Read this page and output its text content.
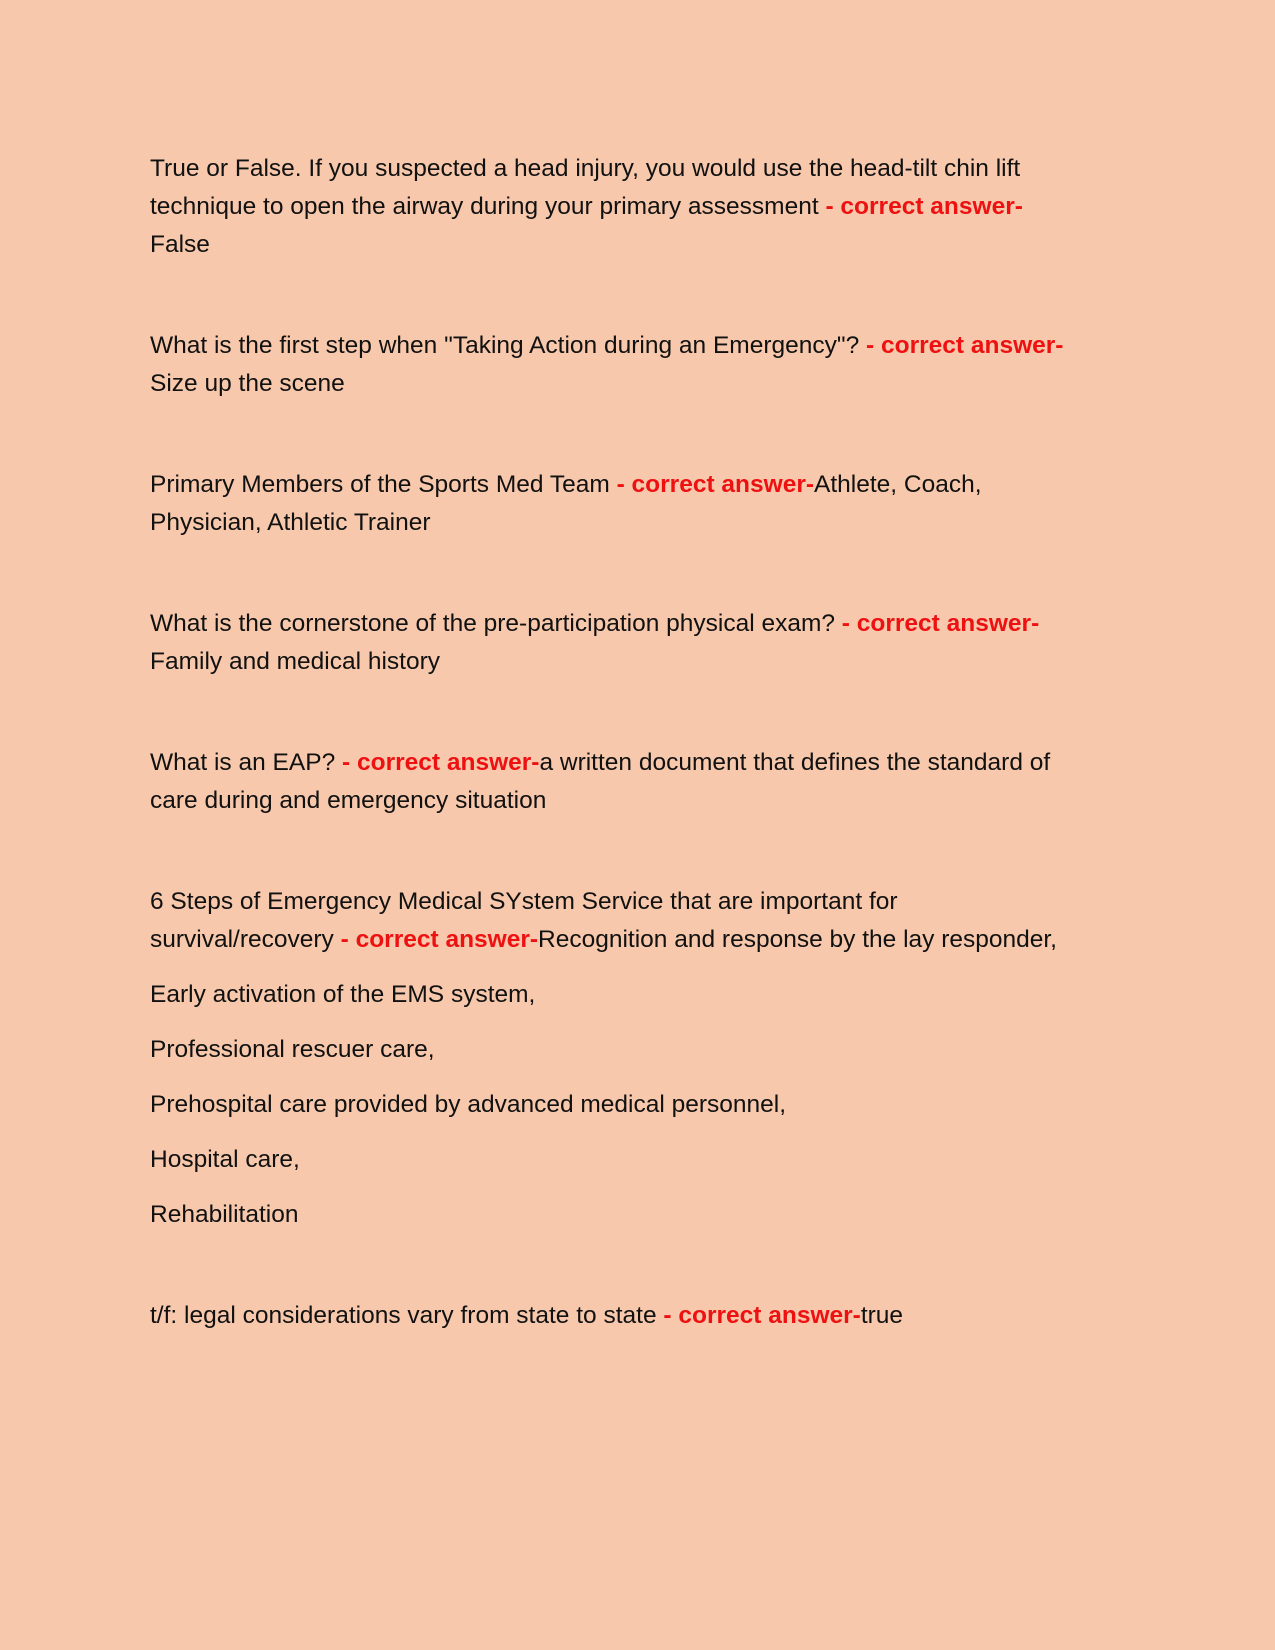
True or False. If you suspected a head injury, you would use the head-tilt chin lift technique to open the airway during your primary assessment - correct answer-False

What is the first step when "Taking Action during an Emergency"? - correct answer-Size up the scene

Primary Members of the Sports Med Team - correct answer-Athlete, Coach, Physician, Athletic Trainer

What is the cornerstone of the pre-participation physical exam? - correct answer-Family and medical history

What is an EAP? - correct answer-a written document that defines the standard of care during and emergency situation

6 Steps of Emergency Medical SYstem Service that are important for survival/recovery - correct answer-Recognition and response by the lay responder,

Early activation of the EMS system,
Professional rescuer care,
Prehospital care provided by advanced medical personnel,
Hospital care,
Rehabilitation

t/f: legal considerations vary from state to state - correct answer-true
